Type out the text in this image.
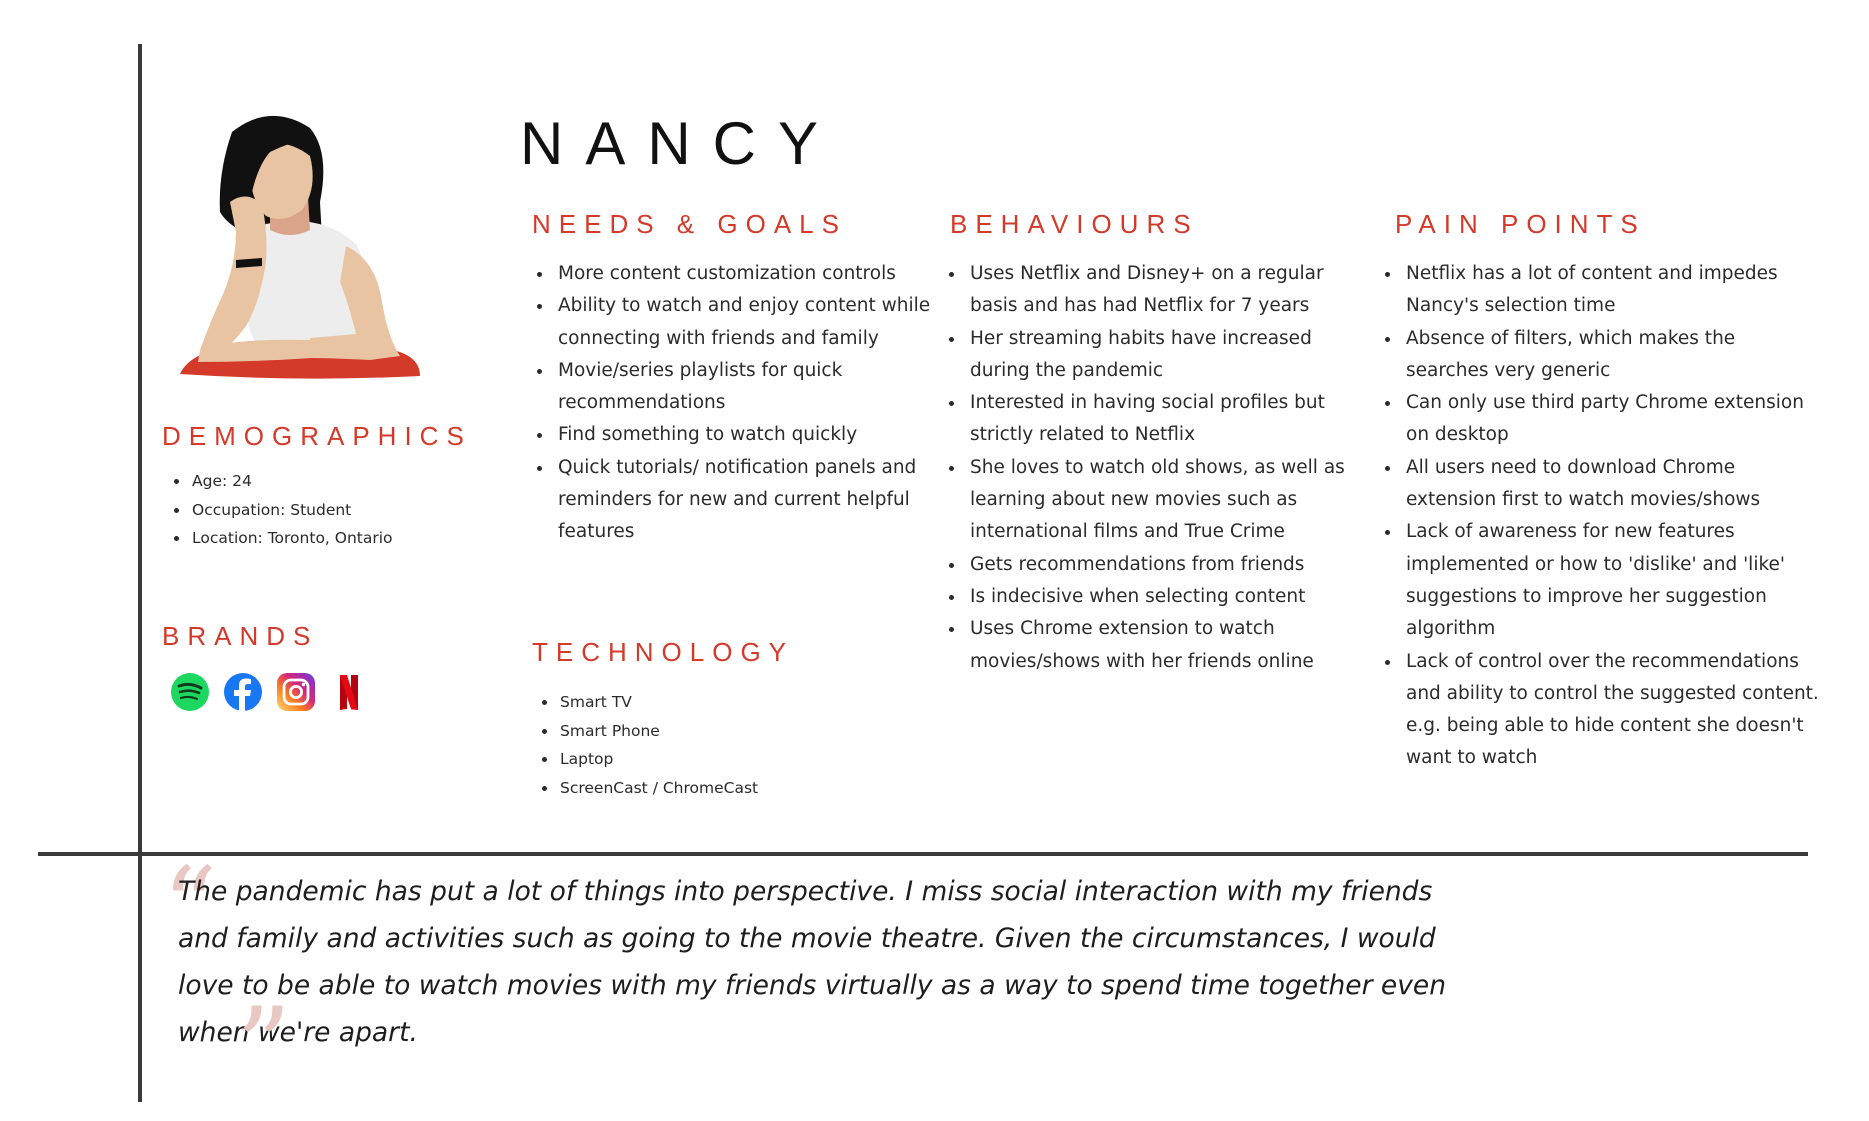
NANCY
DEMOGRAPHICS
• Age: 24
• Occupation: Student
• Location: Toronto, Ontario
BRANDS
NEEDS & GOALS
• More content customization controls
• Ability to watch and enjoy content while connecting with friends and family
• Movie/series playlists for quick recommendations
• Find something to watch quickly
• Quick tutorials/ notification panels and reminders for new and current helpful features
TECHNOLOGY
• Smart TV
• Smart Phone
• Laptop
• ScreenCast / ChromeCast
BEHAVIOURS
• Uses Netflix and Disney+ on a regular basis and has had Netflix for 7 years
• Her streaming habits have increased during the pandemic
• Interested in having social profiles but strictly related to Netflix
• She loves to watch old shows, as well as learning about new movies such as international films and True Crime
• Gets recommendations from friends
• Is indecisive when selecting content
• Uses Chrome extension to watch movies/shows with her friends online
PAIN POINTS
• Netflix has a lot of content and impedes Nancy's selection time
• Absence of filters, which makes the searches very generic
• Can only use third party Chrome extension on desktop
• All users need to download Chrome extension first to watch movies/shows
• Lack of awareness for new features implemented or how to 'dislike' and 'like' suggestions to improve her suggestion algorithm
• Lack of control over the recommendations and ability to control the suggested content. e.g. being able to hide content she doesn't want to watch
“

The pandemic has put a lot of things into perspective. I miss social interaction with my friends and family and activities such as going to the movie theatre. Given the circumstances, I would love to be able to watch movies with my friends virtually as a way to spend time together even when we're apart.

”
